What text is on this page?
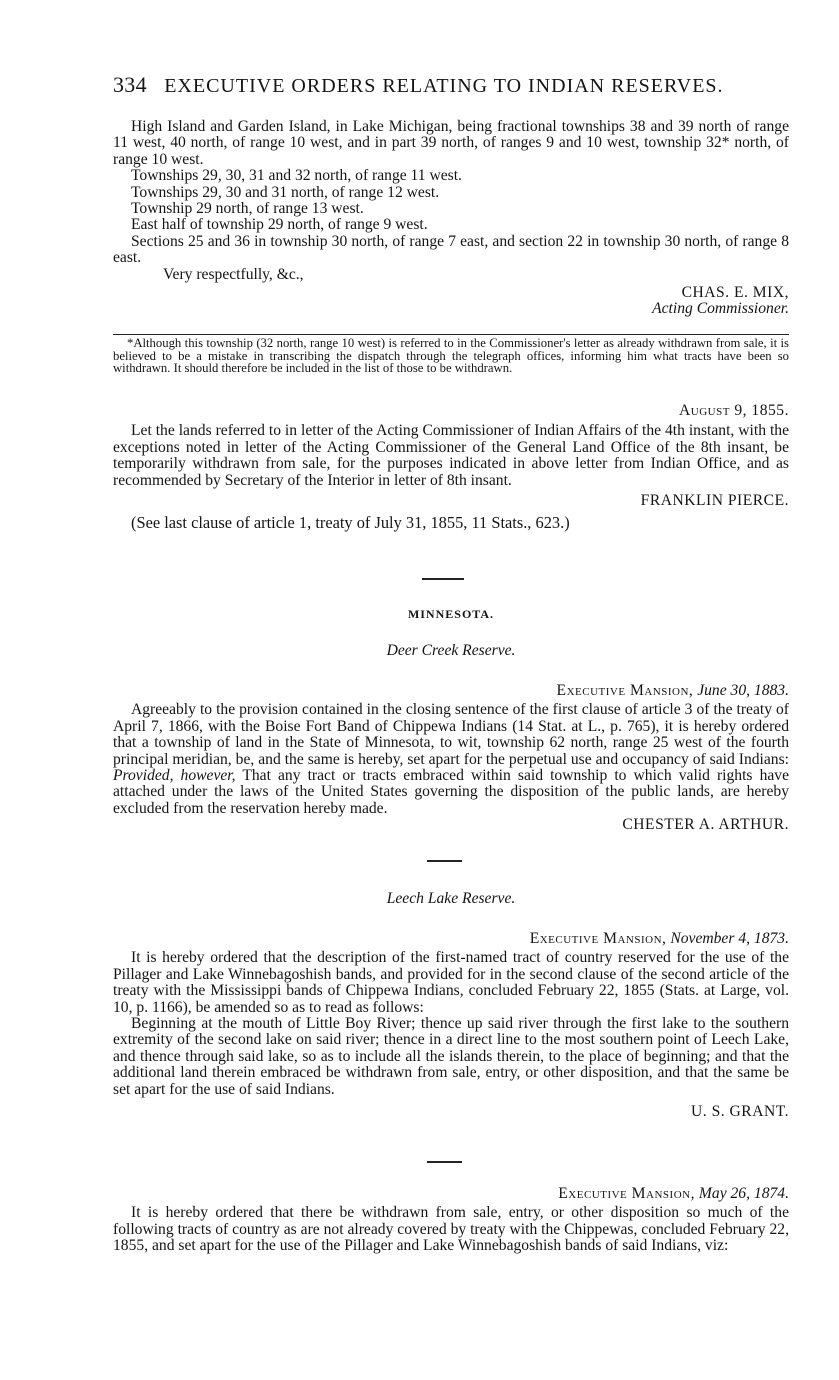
334 EXECUTIVE ORDERS RELATING TO INDIAN RESERVES.

High Island and Garden Island, in Lake Michigan, being fractional townships 38 and 39 north of range 11 west, 40 north, of range 10 west, and in part 39 north, of ranges 9 and 10 west, township 32* north, of range 10 west.

Townships 29, 30, 31 and 32 north, of range 11 west.

Townships 29, 30 and 31 north, of range 12 west.

Township 29 north, of range 13 west.

East half of township 29 north, of range 9 west.

Sections 25 and 36 in township 30 north, of range 7 east, and section 22 in township 30 north, of range 8 east.

Very respectfully, &c.,

CHAS. E. MIX,

Acting Commissioner.

*Although this township (32 north, range 10 west) is referred to in the Commissioner's letter as already withdrawn from sale, it is believed to be a mistake in transcribing the dispatch through the telegraph offices, informing him what tracts have been so withdrawn. It should therefore be included in the list of those to be withdrawn.

August 9, 1855.

Let the lands referred to in letter of the Acting Commissioner of Indian Affairs of the 4th instant, with the exceptions noted in letter of the Acting Commissioner of the General Land Office of the 8th insant, be temporarily withdrawn from sale, for the purposes indicated in above letter from Indian Office, and as recommended by Secretary of the Interior in letter of 8th insant.

FRANKLIN PIERCE.

(See last clause of article 1, treaty of July 31, 1855, 11 Stats., 623.)

MINNESOTA.
Deer Creek Reserve.

Executive Mansion, June 30, 1883.

Agreeably to the provision contained in the closing sentence of the first clause of article 3 of the treaty of April 7, 1866, with the Boise Fort Band of Chippewa Indians (14 Stat. at L., p. 765), it is hereby ordered that a township of land in the State of Minnesota, to wit, township 62 north, range 25 west of the fourth principal meridian, be, and the same is hereby, set apart for the perpetual use and occupancy of said Indians: Provided, however, That any tract or tracts embraced within said township to which valid rights have attached under the laws of the United States governing the disposition of the public lands, are hereby excluded from the reservation hereby made.

CHESTER A. ARTHUR.

Leech Lake Reserve.

Executive Mansion, November 4, 1873.

It is hereby ordered that the description of the first-named tract of country reserved for the use of the Pillager and Lake Winnebagoshish bands, and provided for in the second clause of the second article of the treaty with the Mississippi bands of Chippewa Indians, concluded February 22, 1855 (Stats. at Large, vol. 10, p. 1166), be amended so as to read as follows:

Beginning at the mouth of Little Boy River; thence up said river through the first lake to the southern extremity of the second lake on said river; thence in a direct line to the most southern point of Leech Lake, and thence through said lake, so as to include all the islands therein, to the place of beginning; and that the additional land therein embraced be withdrawn from sale, entry, or other disposition, and that the same be set apart for the use of said Indians.

U. S. GRANT.

Executive Mansion, May 26, 1874.

It is hereby ordered that there be withdrawn from sale, entry, or other disposition so much of the following tracts of country as are not already covered by treaty with the Chippewas, concluded February 22, 1855, and set apart for the use of the Pillager and Lake Winnebagoshish bands of said Indians, viz:
